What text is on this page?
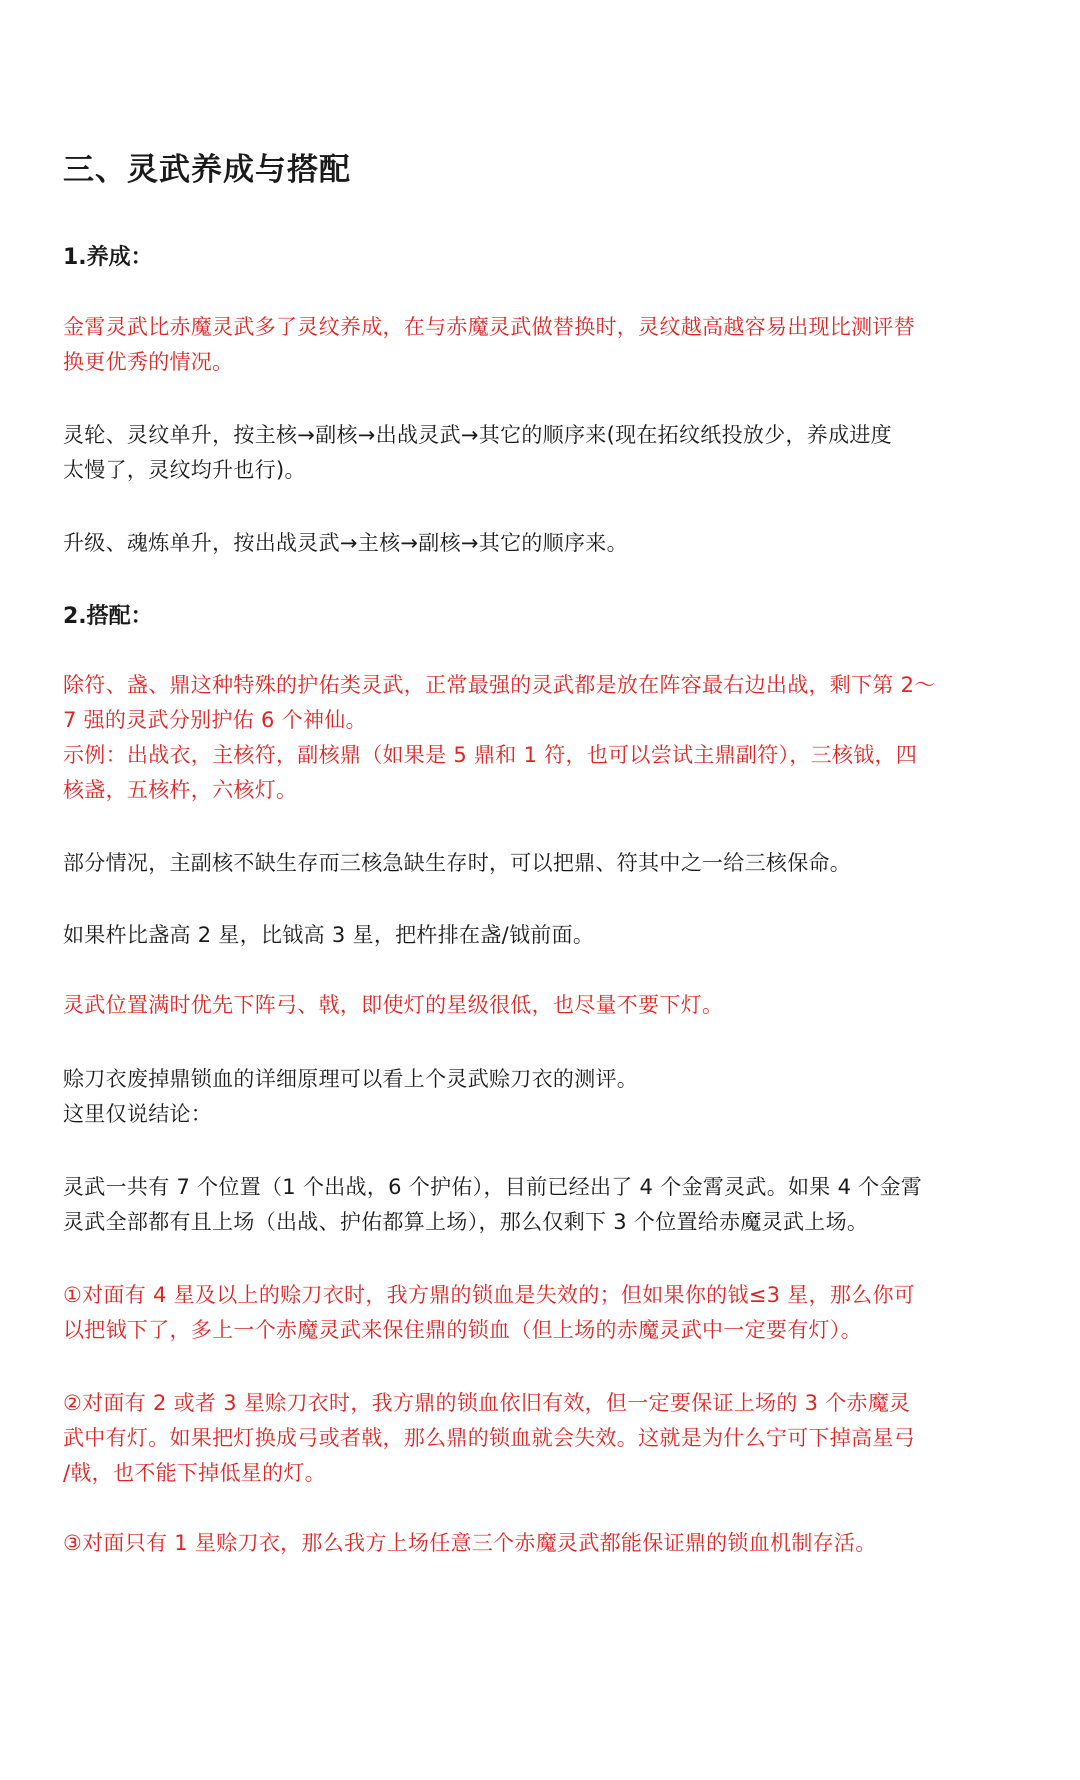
三、灵武养成与搭配
1.养成：
金霄灵武比赤魔灵武多了灵纹养成，在与赤魔灵武做替换时，灵纹越高越容易出现比测评替
换更优秀的情况。
灵轮、灵纹单升，按主核→副核→出战灵武→其它的顺序来(现在拓纹纸投放少，养成进度
太慢了，灵纹均升也行)。
升级、魂炼单升，按出战灵武→主核→副核→其它的顺序来。
2.搭配：
除符、盏、鼎这种特殊的护佑类灵武，正常最强的灵武都是放在阵容最右边出战，剩下第 2～
7 强的灵武分别护佑 6 个神仙。
示例：出战衣，主核符，副核鼎（如果是 5 鼎和 1 符，也可以尝试主鼎副符），三核钺，四
核盏，五核杵，六核灯。
部分情况，主副核不缺生存而三核急缺生存时，可以把鼎、符其中之一给三核保命。
如果杵比盏高 2 星，比钺高 3 星，把杵排在盏/钺前面。
灵武位置满时优先下阵弓、戟，即使灯的星级很低，也尽量不要下灯。
赊刀衣废掉鼎锁血的详细原理可以看上个灵武赊刀衣的测评。
这里仅说结论：
灵武一共有 7 个位置（1 个出战，6 个护佑），目前已经出了 4 个金霄灵武。如果 4 个金霄
灵武全部都有且上场（出战、护佑都算上场），那么仅剩下 3 个位置给赤魔灵武上场。
①对面有 4 星及以上的赊刀衣时，我方鼎的锁血是失效的；但如果你的钺≤3 星，那么你可
以把钺下了，多上一个赤魔灵武来保住鼎的锁血（但上场的赤魔灵武中一定要有灯）。
②对面有 2 或者 3 星赊刀衣时，我方鼎的锁血依旧有效，但一定要保证上场的 3 个赤魔灵
武中有灯。如果把灯换成弓或者戟，那么鼎的锁血就会失效。这就是为什么宁可下掉高星弓
/戟，也不能下掉低星的灯。
③对面只有 1 星赊刀衣，那么我方上场任意三个赤魔灵武都能保证鼎的锁血机制存活。
